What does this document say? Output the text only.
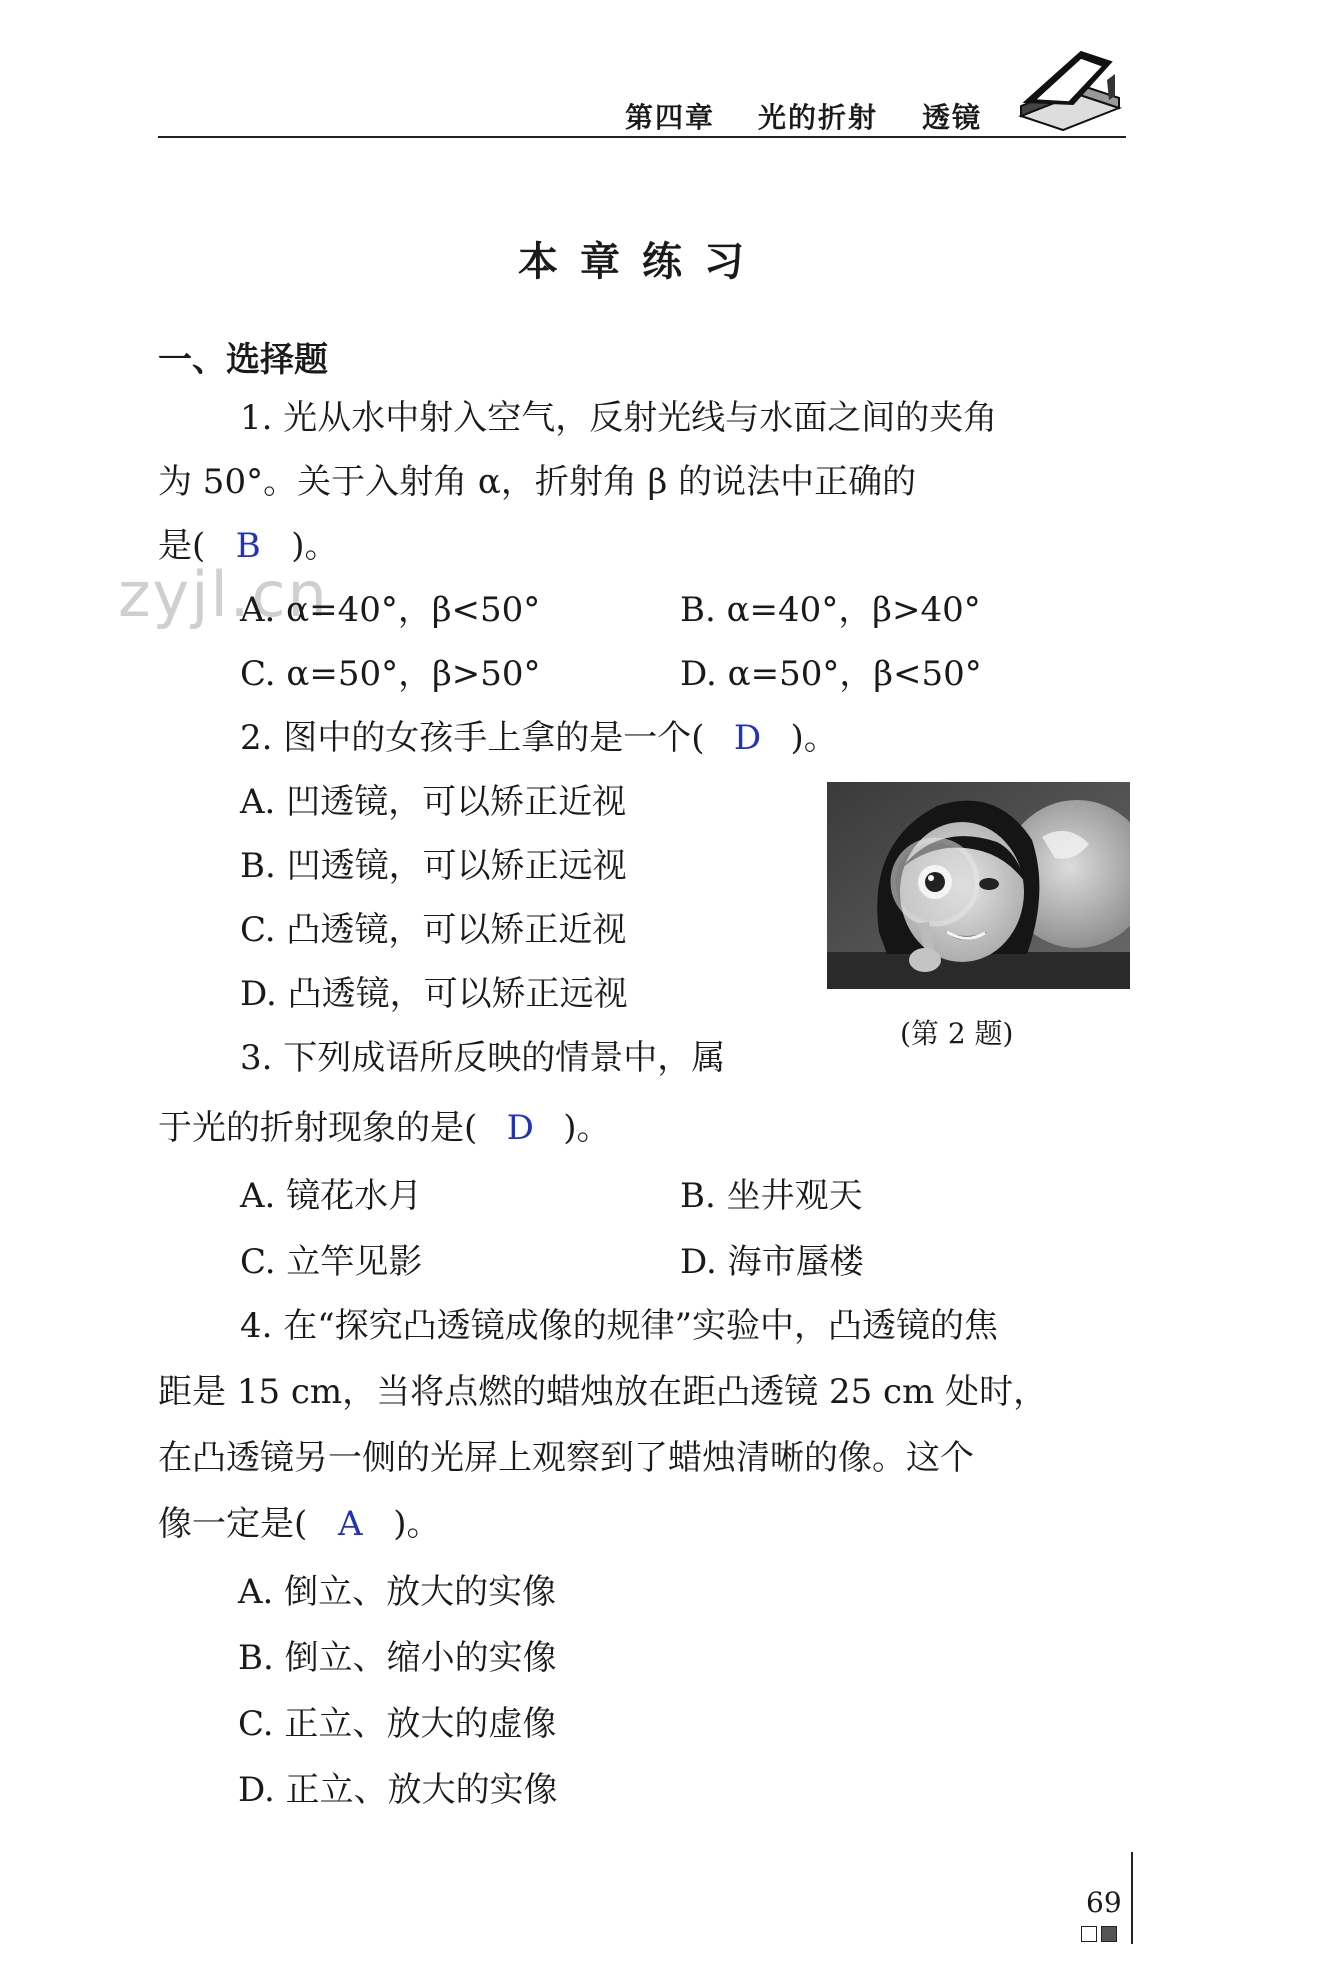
第四章 光的折射 透镜
本章练习
一、选择题
zyjl.cn
1. 光从水中射入空气，反射光线与水面之间的夹角
为 50°。关于入射角 α，折射角 β 的说法中正确的
是( B )。
A. α=40°，β<50°	B. α=40°，β>40°
C. α=50°，β>50°	D. α=50°，β<50°
2. 图中的女孩手上拿的是一个( D )。
A. 凹透镜，可以矫正近视
B. 凹透镜，可以矫正远视
C. 凸透镜，可以矫正近视
D. 凸透镜，可以矫正远视
(第 2 题)
3. 下列成语所反映的情景中，属
于光的折射现象的是( D )。
A. 镜花水月	B. 坐井观天
C. 立竿见影	D. 海市蜃楼
4. 在“探究凸透镜成像的规律”实验中，凸透镜的焦
距是 15 cm，当将点燃的蜡烛放在距凸透镜 25 cm 处时，
在凸透镜另一侧的光屏上观察到了蜡烛清晰的像。这个
像一定是( A )。
A. 倒立、放大的实像
B. 倒立、缩小的实像
C. 正立、放大的虚像
D. 正立、放大的实像
69
